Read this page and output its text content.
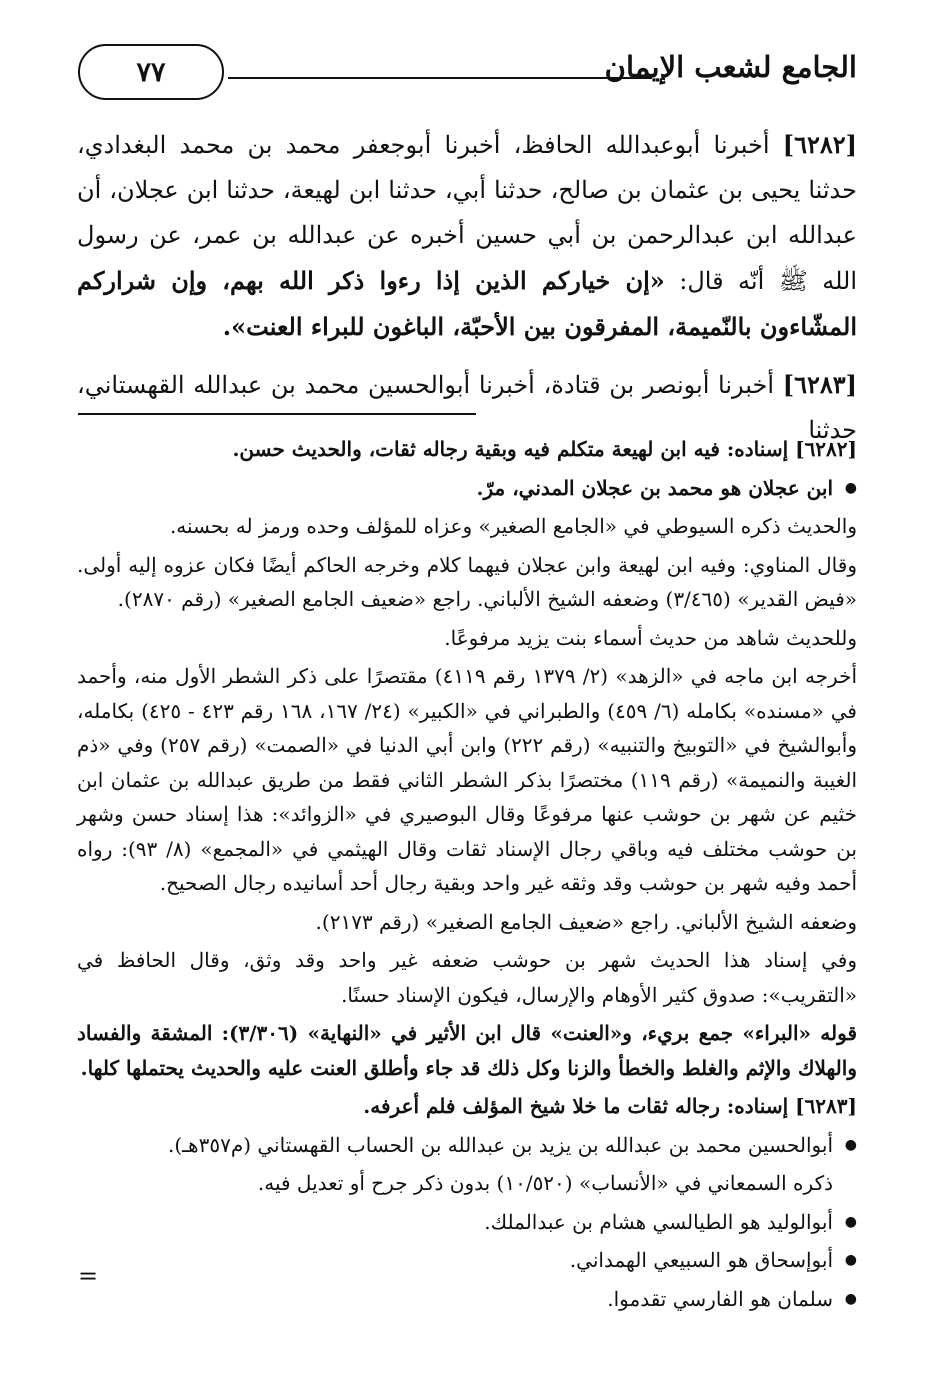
الجامع لشعب الإيمان
٧٧

[٦٢٨٢] أخبرنا أبوعبدالله الحافظ، أخبرنا أبوجعفر محمد بن محمد البغدادي، حدثنا يحيى بن عثمان بن صالح، حدثنا أبي، حدثنا ابن لهيعة، حدثنا ابن عجلان، أن عبدالله ابن عبدالرحمن بن أبي حسين أخبره عن عبدالله بن عمر، عن رسول الله ﷺ أنّه قال: «إن خياركم الذين إذا رءوا ذكر الله بهم، وإن شراركم المشّاءون بالنّميمة، المفرقون بين الأحبّة، الباغون للبراء العنت».

[٦٢٨٣] أخبرنا أبونصر بن قتادة، أخبرنا أبوالحسين محمد بن عبدالله القهستاني، حدثنا

[٦٢٨٢] إسناده: فيه ابن لهيعة متكلم فيه وبقية رجاله ثقات، والحديث حسن.

● ابن عجلان هو محمد بن عجلان المدني، مرّ.

والحديث ذكره السيوطي في «الجامع الصغير» وعزاه للمؤلف وحده ورمز له بحسنه.

وقال المناوي: وفيه ابن لهيعة وابن عجلان فيهما كلام وخرجه الحاكم أيضًا فكان عزوه إليه أولى. «فيض القدير» (٣/٤٦٥) وضعفه الشيخ الألباني. راجع «ضعيف الجامع الصغير» (رقم ٢٨٧٠).

وللحديث شاهد من حديث أسماء بنت يزيد مرفوعًا.

أخرجه ابن ماجه في «الزهد» (٢/ ١٣٧٩ رقم ٤١١٩) مقتصرًا على ذكر الشطر الأول منه، وأحمد في «مسنده» بكامله (٦/ ٤٥٩) والطبراني في «الكبير» (٢٤/ ١٦٧، ١٦٨ رقم ٤٢٣ - ٤٢٥) بكامله، وأبوالشيخ في «التوبيخ والتنبيه» (رقم ٢٢٢) وابن أبي الدنيا في «الصمت» (رقم ٢٥٧) وفي «ذم الغيبة والنميمة» (رقم ١١٩) مختصرًا بذكر الشطر الثاني فقط من طريق عبدالله بن عثمان ابن خثيم عن شهر بن حوشب عنها مرفوعًا وقال البوصيري في «الزوائد»: هذا إسناد حسن وشهر بن حوشب مختلف فيه وباقي رجال الإسناد ثقات وقال الهيثمي في «المجمع» (٨/ ٩٣): رواه أحمد وفيه شهر بن حوشب وقد وثقه غير واحد وبقية رجال أحد أسانيده رجال الصحيح.

وضعفه الشيخ الألباني. راجع «ضعيف الجامع الصغير» (رقم ٢١٧٣).

وفي إسناد هذا الحديث شهر بن حوشب ضعفه غير واحد وقد وثق، وقال الحافظ في «التقريب»: صدوق كثير الأوهام والإرسال، فيكون الإسناد حسنًا.

قوله «البراء» جمع بريء، و«العنت» قال ابن الأثير في «النهاية» (٣/٣٠٦): المشقة والفساد والهلاك والإثم والغلط والخطأ والزنا وكل ذلك قد جاء وأطلق العنت عليه والحديث يحتملها كلها.

[٦٢٨٣] إسناده: رجاله ثقات ما خلا شيخ المؤلف فلم أعرفه.

● أبوالحسين محمد بن عبدالله بن يزيد بن عبدالله بن الحساب القهستاني (م٣٥٧هـ).

ذكره السمعاني في «الأنساب» (١٠/٥٢٠) بدون ذكر جرح أو تعديل فيه.

● أبوالوليد هو الطيالسي هشام بن عبدالملك.

● أبوإسحاق هو السبيعي الهمداني.

● سلمان هو الفارسي تقدموا.

=
